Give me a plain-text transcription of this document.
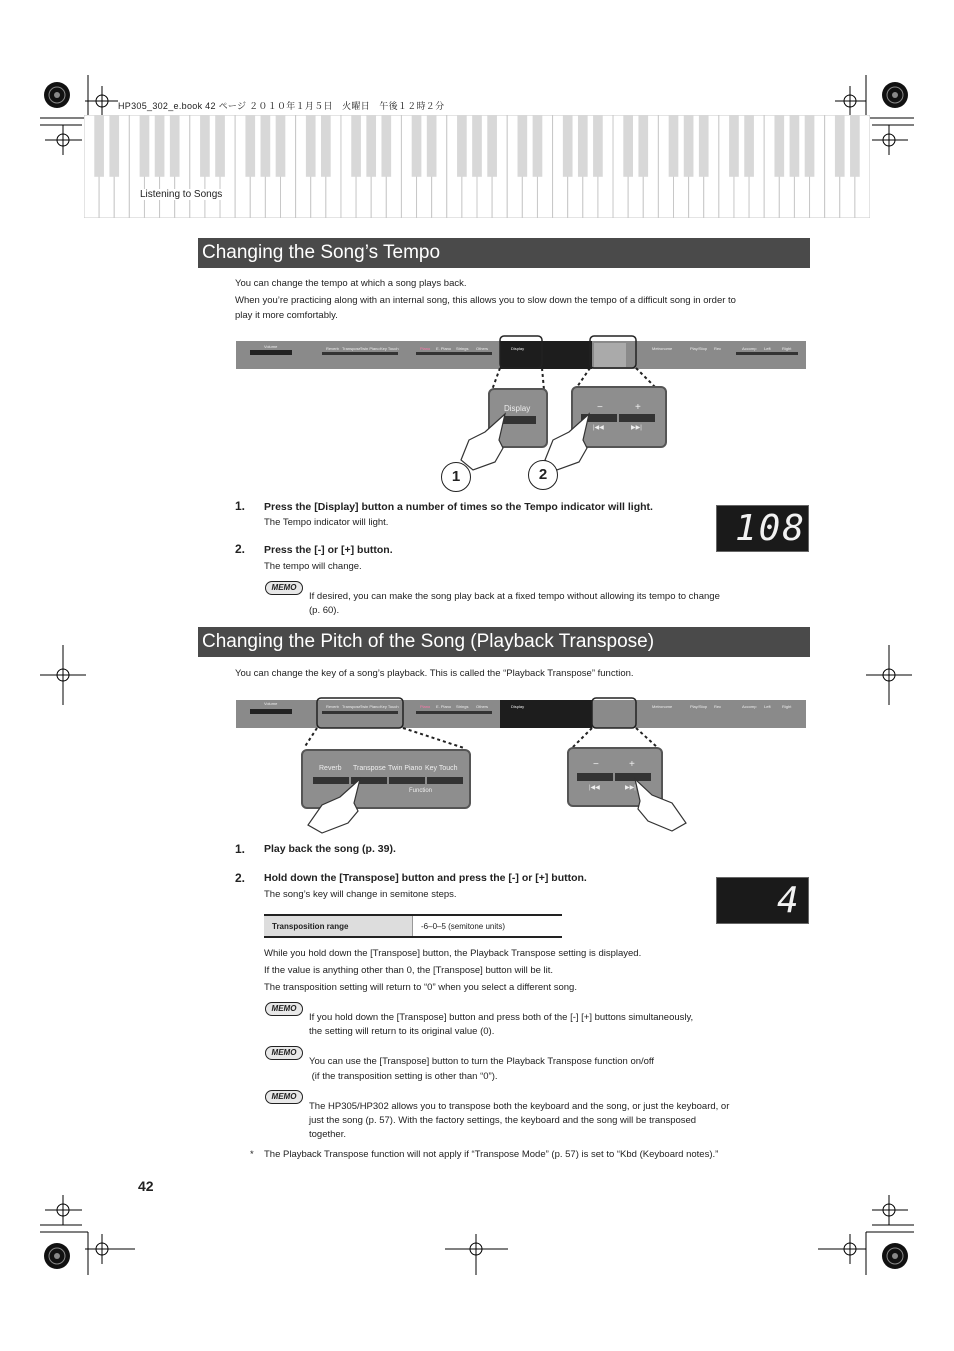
HP305_302_e.book 42 ページ ２０１０年１月５日　火曜日　午後１２時２分
Listening to Songs
Changing the Song’s Tempo
You can change the tempo at which a song plays back.
When you’re practicing along with an internal song, this allows you to slow down the tempo of a difficult song in order to
play it more comfortably.
Volume	Reverb Transpose Twin Piano Key Touch	Piano E. Piano Strings Others	Display	Metronome	Play/Stop Rec	Accomp Left	Right
Display	−	+
|◀◀	▶▶|
1	2
1. Press the [Display] button a number of times so the Tempo indicator will light.
The Tempo indicator will light.	108
2. Press the [-] or [+] button.
The tempo will change.
MEMO
If desired, you can make the song play back at a fixed tempo without allowing its tempo to change
(p. 60).
Changing the Pitch of the Song (Playback Transpose)
You can change the key of a song’s playback. This is called the “Playback Transpose” function.
Volume
Reverb Transpose Twin Piano Key Touch	Piano E. Piano Strings Others	Display	Metronome	Play/Stop Rec	Accomp Left	Right
Reverb Transpose Twin Piano Key Touch
Function
−	+
|◀◀	▶▶|
1. Play back the song (p. 39).
2. Hold down the [Transpose] button and press the [-] or [+] button.
The song’s key will change in semitone steps.	4
Transposition range	-6–0–5 (semitone units)
While you hold down the [Transpose] button, the Playback Transpose setting is displayed.
If the value is anything other than 0, the [Transpose] button will be lit.
The transposition setting will return to “0” when you select a different song.
MEMO
If you hold down the [Transpose] button and press both of the [-] [+] buttons simultaneously,
the setting will return to its original value (0).
MEMO
You can use the [Transpose] button to turn the Playback Transpose function on/off
(if the transposition setting is other than “0”).
MEMO
The HP305/HP302 allows you to transpose both the keyboard and the song, or just the keyboard, or
just the song (p. 57). With the factory settings, the keyboard and the song will be transposed
together.
* The Playback Transpose function will not apply if “Transpose Mode” (p. 57) is set to “Kbd (Keyboard notes).”
42
